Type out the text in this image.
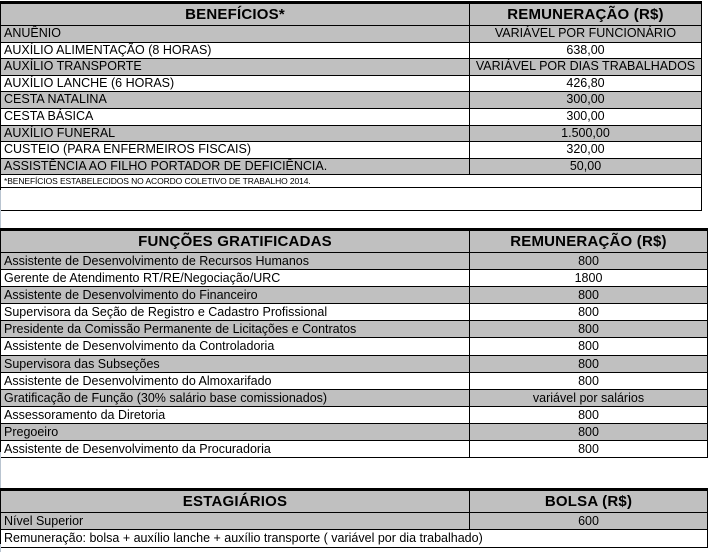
BENEFÍCIOS*	REMUNERAÇÃO (R$)
ANUÊNIO	VARIÁVEL POR FUNCIONÁRIO
AUXÍLIO ALIMENTAÇÃO (8 HORAS)	638,00
AUXÍLIO TRANSPORTE	VARIÁVEL POR DIAS TRABALHADOS
AUXÍLIO LANCHE (6 HORAS)	426,80
CESTA NATALINA	300,00
CESTA BÁSICA	300,00
AUXÍLIO FUNERAL	1.500,00
CUSTEIO (PARA ENFERMEIROS FISCAIS)	320,00
ASSISTÊNCIA AO FILHO PORTADOR DE DEFICIÊNCIA.	50,00
*BENEFÍCIOS ESTABELECIDOS NO ACORDO COLETIVO DE TRABALHO 2014.	

FUNÇÕES GRATIFICADAS	REMUNERAÇÃO (R$)
Assistente de Desenvolvimento de Recursos Humanos	800
Gerente de Atendimento RT/RE/Negociação/URC	1800
Assistente de Desenvolvimento do Financeiro	800
Supervisora da Seção de Registro e Cadastro Profissional	800
Presidente da Comissão Permanente de Licitações e Contratos	800
Assistente de Desenvolvimento da Controladoria	800
Supervisora das Subseções	800
Assistente de Desenvolvimento do Almoxarifado	800
Gratificação de Função (30% salário base comissionados)	variável por salários
Assessoramento da Diretoria	800
Pregoeiro	800
Assistente de Desenvolvimento da Procuradoria	800
ESTAGIÁRIOS	BOLSA (R$)
Nível Superior	600
Remuneração: bolsa + auxílio lanche + auxílio transporte ( variável por dia trabalhado)	
